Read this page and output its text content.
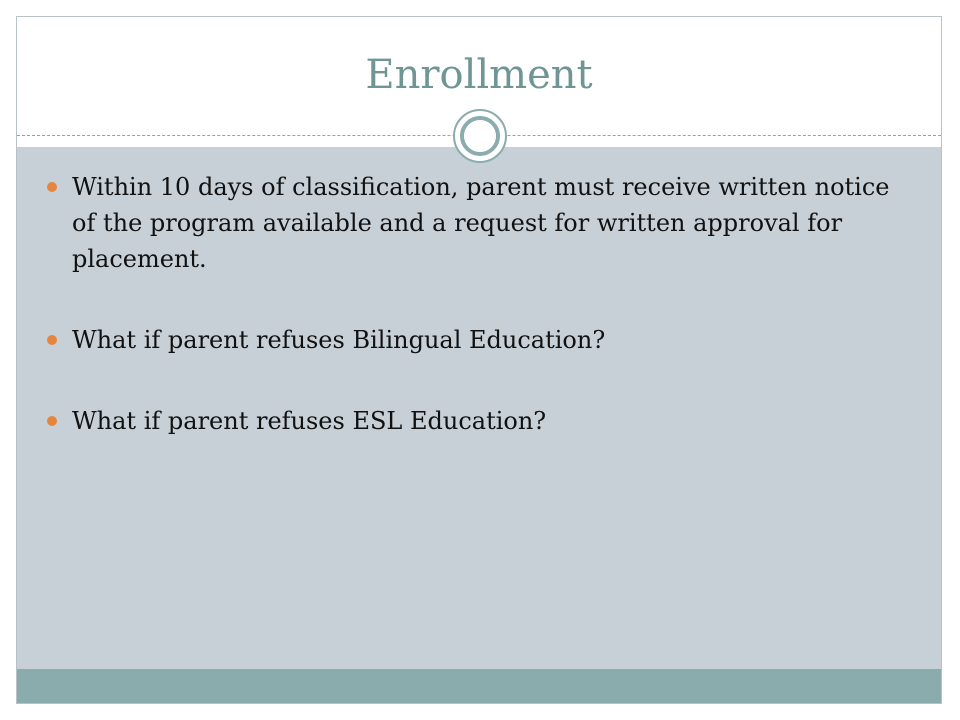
Enrollment
Within 10 days of classification, parent must receive written notice of the program available and a request for written approval for placement.
What if parent refuses Bilingual Education?
What if parent refuses ESL Education?
